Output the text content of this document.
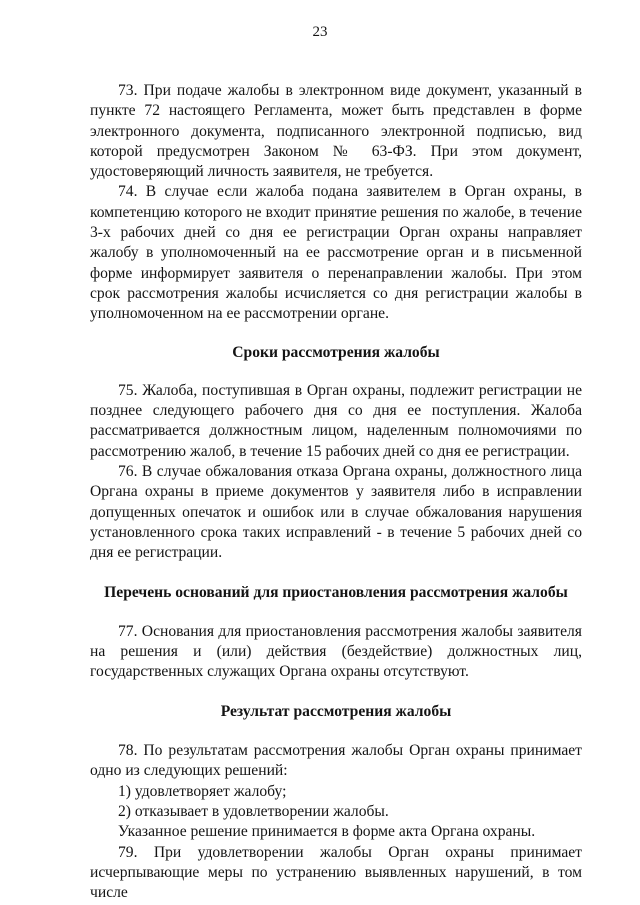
23

73. При подаче жалобы в электронном виде документ, указанный в пункте 72 настоящего Регламента, может быть представлен в форме электронного документа, подписанного электронной подписью, вид которой предусмотрен Законом № 63-ФЗ. При этом документ, удостоверяющий личность заявителя, не требуется.

74. В случае если жалоба подана заявителем в Орган охраны, в компетенцию которого не входит принятие решения по жалобе, в течение 3-х рабочих дней со дня ее регистрации Орган охраны направляет жалобу в уполномоченный на ее рассмотрение орган и в письменной форме информирует заявителя о перенаправлении жалобы. При этом срок рассмотрения жалобы исчисляется со дня регистрации жалобы в уполномоченном на ее рассмотрении органе.

Сроки рассмотрения жалобы

75. Жалоба, поступившая в Орган охраны, подлежит регистрации не позднее следующего рабочего дня со дня ее поступления. Жалоба рассматривается должностным лицом, наделенным полномочиями по рассмотрению жалоб, в течение 15 рабочих дней со дня ее регистрации.

76. В случае обжалования отказа Органа охраны, должностного лица Органа охраны в приеме документов у заявителя либо в исправлении допущенных опечаток и ошибок или в случае обжалования нарушения установленного срока таких исправлений - в течение 5 рабочих дней со дня ее регистрации.

Перечень оснований для приостановления рассмотрения жалобы

77. Основания для приостановления рассмотрения жалобы заявителя на решения и (или) действия (бездействие) должностных лиц, государственных служащих Органа охраны отсутствуют.

Результат рассмотрения жалобы

78. По результатам рассмотрения жалобы Орган охраны принимает одно из следующих решений:

1) удовлетворяет жалобу;

2) отказывает в удовлетворении жалобы.

Указанное решение принимается в форме акта Органа охраны.

79. При удовлетворении жалобы Орган охраны принимает исчерпывающие меры по устранению выявленных нарушений, в том числе
